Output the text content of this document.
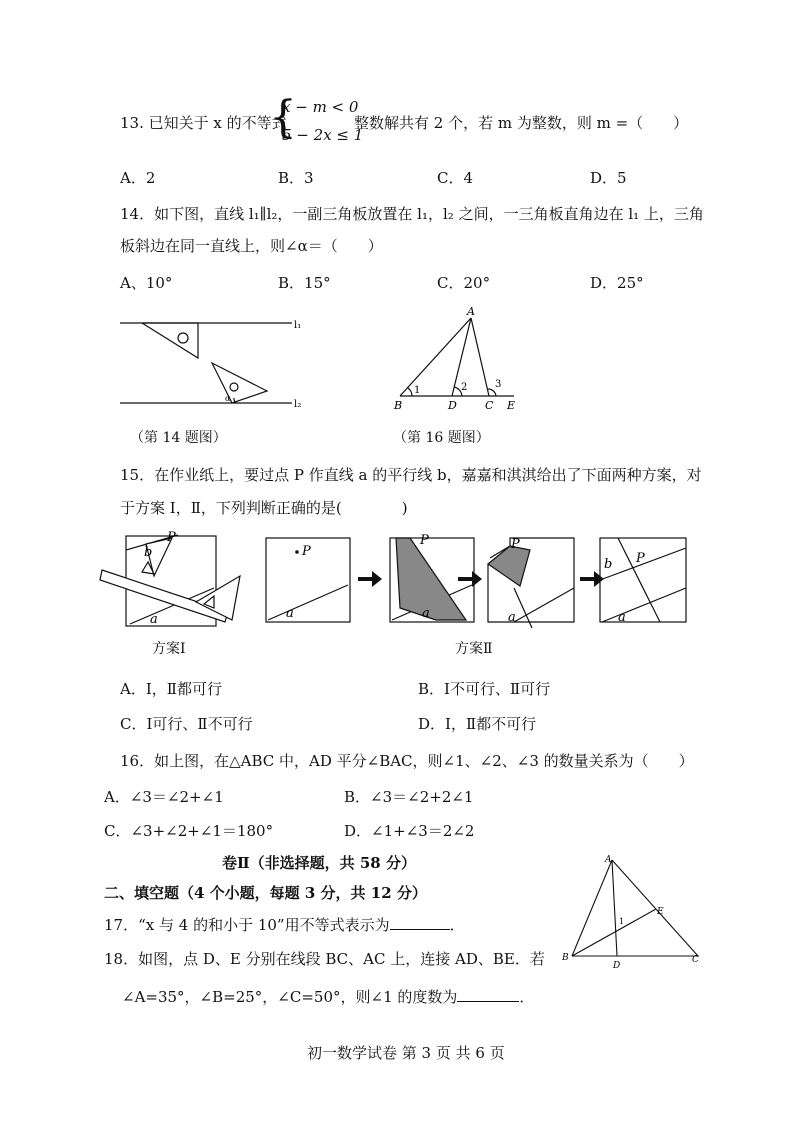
13. 已知关于 x 的不等式
{
x − m < 0
5 − 2x ≤ 1
整数解共有 2 个，若 m 为整数，则 m =（　　）
A．2	B．3	C．4	D．5
14．如下图，直线 l₁∥l₂，一副三角板放置在 l₁，l₂ 之间，一三角板直角边在 l₁ 上，三角
板斜边在同一直线上，则∠α＝（　　）
A、10°	B．15°	C．20°	D．25°
l₁
l₂
α
（第 14 题图）
A
B	D	C E
1	2	3
（第 16 题图）
15．在作业纸上，要过点 P 作直线 a 的平行线 b，嘉嘉和淇淇给出了下面两种方案，对
于方案 Ⅰ，Ⅱ，下列判断正确的是(　　　　)
P
b
a
P
a
P
a
P
a
P
b
a
方案Ⅰ	方案Ⅱ
A．Ⅰ，Ⅱ都可行	B．Ⅰ不可行、Ⅱ可行
C．Ⅰ可行、Ⅱ不可行	D．Ⅰ，Ⅱ都不可行
16．如上图，在△ABC 中，AD 平分∠BAC，则∠1、∠2、∠3 的数量关系为（　　）
A．∠3＝∠2+∠1	B．∠3＝∠2+2∠1
C．∠3+∠2+∠1＝180°	D．∠1+∠3＝2∠2
卷Ⅱ（非选择题，共 58 分）
二、填空题（4 个小题，每题 3 分，共 12 分）
17．“x 与 4 的和小于 10”用不等式表示为	．
18．如图，点 D、E 分别在线段 BC、AC 上，连接 AD、BE．若
∠A=35°，∠B=25°，∠C=50°，则∠1 的度数为	．
A
B	C
D
E
1
初一数学试卷 第 3 页 共 6 页
